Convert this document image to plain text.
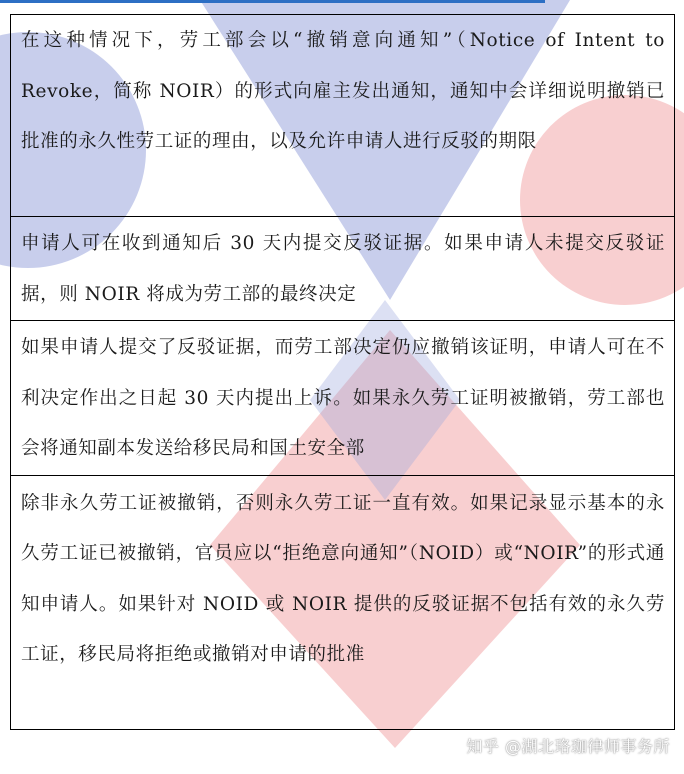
在这种情况下，劳工部会以“撤销意向通知”（Notice of Intent to Revoke，简称 NOIR）的形式向雇主发出通知，通知中会详细说明撤销已批准的永久性劳工证的理由，以及允许申请人进行反驳的期限
申请人可在收到通知后 30 天内提交反驳证据。如果申请人未提交反驳证据，则 NOIR 将成为劳工部的最终决定
如果申请人提交了反驳证据，而劳工部决定仍应撤销该证明，申请人可在不利决定作出之日起 30 天内提出上诉。如果永久劳工证明被撤销，劳工部也会将通知副本发送给移民局和国土安全部
除非永久劳工证被撤销，否则永久劳工证一直有效。如果记录显示基本的永久劳工证已被撤销，官员应以“拒绝意向通知”（NOID）或“NOIR”的形式通知申请人。如果针对 NOID 或 NOIR 提供的反驳证据不包括有效的永久劳工证，移民局将拒绝或撤销对申请的批准
知乎 @湖北珞珈律师事务所
